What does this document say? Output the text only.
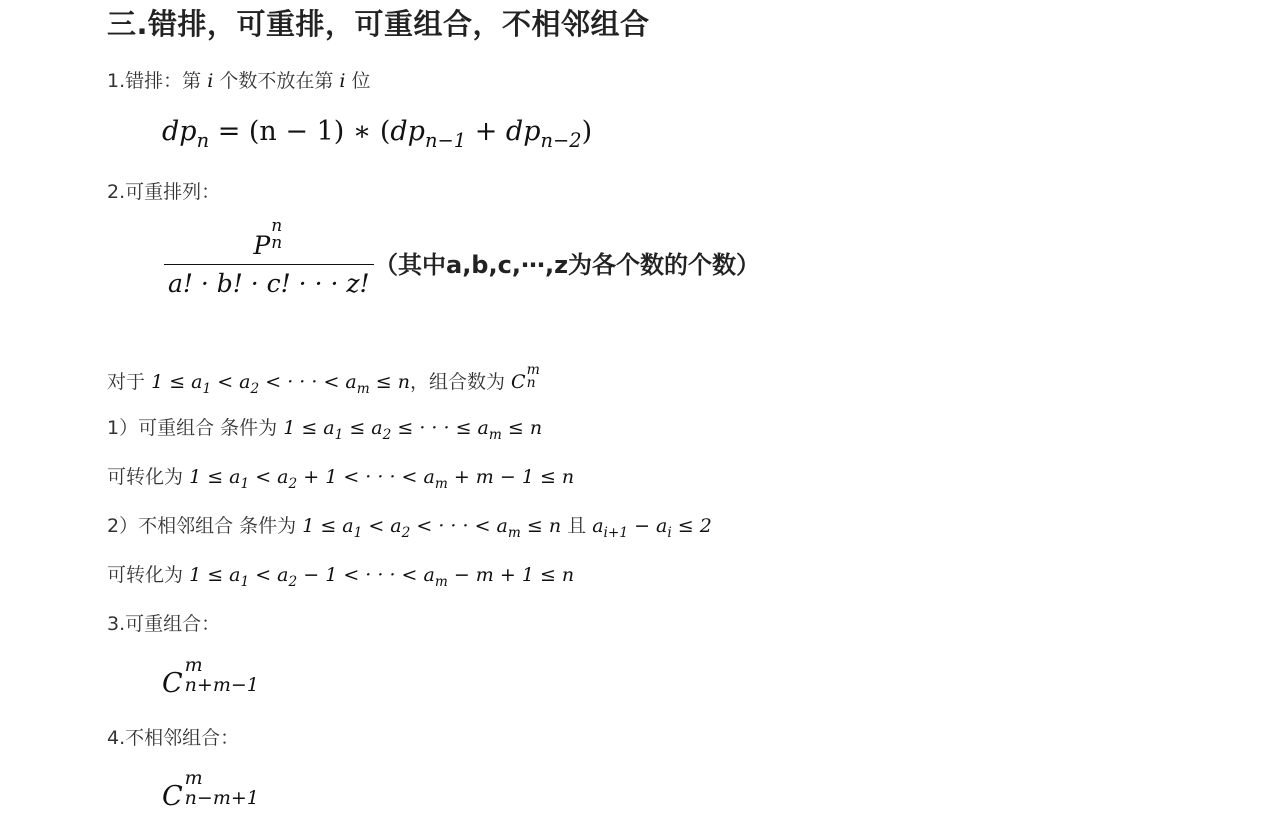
三.错排，可重排，可重组合，不相邻组合
1.错排：第 i 个数不放在第 i 位
$dp_n = (n - 1)$ ∗ $(dp_{n-1} + dp_{n-2})$
2.可重排列：
P
n
n
a! · b! · c! · · · z! （其中a,b,c,⋯,z为各个数的个数）
对于 $1 \le a_1 < a_2$ < · · · < $a_m \le n$，组合数为 C
m
n
1）可重组合 条件为 $1 \le a_1 \le a_2$ ≤ · · · ≤ $a_m \le n$
可转化为 $1 \le a_1 < a_2 + 1$ < · · · < $a_m + m - 1 \le n$
2）不相邻组合 条件为 $1 \le a_1 < a_2$ < · · · < $a_m \le n$ 且 $a_{i+1} - a_i \le 2$
可转化为 $1 \le a_1 < a_2 - 1$ < · · · < $a_m - m + 1 \le n$
3.可重组合：
C
m
n+m−1
4.不相邻组合：
C
m
n−m+1
